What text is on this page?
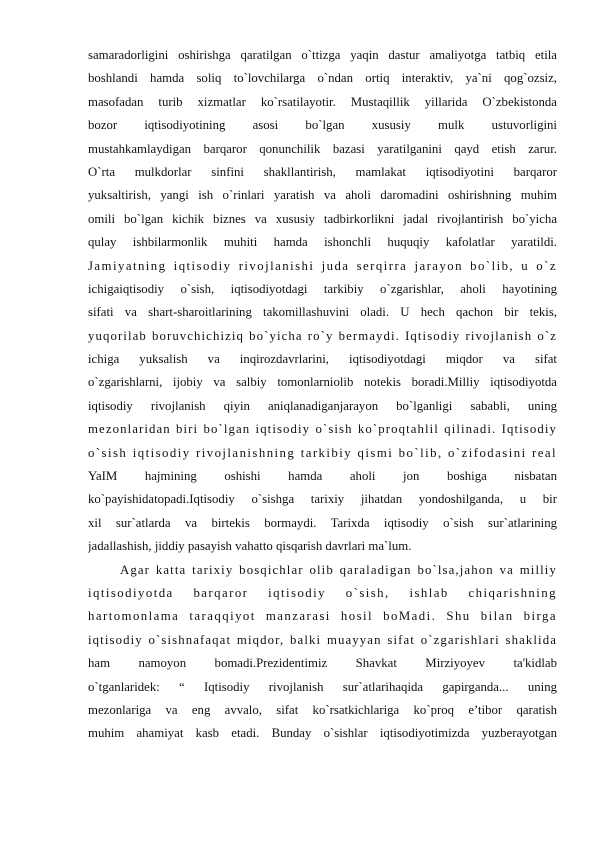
samaradorligini oshirishga qaratilgan o`ttizga yaqin dastur amaliyotga tatbiq etila
boshlandi hamda soliq to`lovchilarga o`ndan ortiq interaktiv, ya`ni qog`ozsiz,
masofadan turib xizmatlar ko`rsatilayotir. Mustaqillik yillarida O`zbekistonda
bozor iqtisodiyotining asosi bo`lgan xususiy mulk ustuvorligini
mustahkamlaydigan barqaror qonunchilik bazasi yaratilganini qayd etish zarur.
O`rta mulkdorlar sinfini shakllantirish, mamlakat iqtisodiyotini barqaror
yuksaltirish, yangi ish o`rinlari yaratish va aholi daromadini oshirishning muhim
omili bo`lgan kichik biznes va xususiy tadbirkorlikni jadal rivojlantirish bo`yicha
qulay ishbilarmonlik muhiti hamda ishonchli huquqiy kafolatlar yaratildi.
Jamiyatning iqtisodiy rivojlanishi juda serqirra jarayon bo`lib, u o`z
ichigaiqtisodiy o`sish, iqtisodiyotdagi tarkibiy o`zgarishlar, aholi hayotining
sifati va shart-sharoitlarining takomillashuvini oladi. U hech qachon bir tekis,
yuqorilab boruvchichiziq bo`yicha ro`y bermaydi. Iqtisodiy rivojlanish o`z
ichiga yuksalish va inqirozdavrlarini, iqtisodiyotdagi miqdor va sifat
o`zgarishlarni, ijobiy va salbiy tomonlarniolib notekis boradi.Milliy iqtisodiyotda
iqtisodiy rivojlanish qiyin aniqlanadiganjarayon bo`lganligi sababli, uning
mezonlaridan biri bo`lgan iqtisodiy o`sish ko`proqtahlil qilinadi. Iqtisodiy
o`sish iqtisodiy rivojlanishning tarkibiy qismi bo`lib, o`zifodasini real
YaIM hajmining oshishi hamda aholi jon boshiga nisbatan
ko`payishidatopadi.Iqtisodiy o`sishga tarixiy jihatdan yondoshilganda, u bir
xil sur`atlarda va birtekis bormaydi. Tarixda iqtisodiy o`sish sur`atlarining
jadallashish, jiddiy pasayish vahatto qisqarish davrlari ma`lum.
Agar katta tarixiy bosqichlar olib qaraladigan bo`lsa,jahon va milliy
iqtisodiyotda barqaror iqtisodiy o`sish, ishlab chiqarishning
hartomonlama taraqqiyot manzarasi hosil boMadi. Shu bilan birga
iqtisodiy o`sishnafaqat miqdor, balki muayyan sifat o`zgarishlari shaklida
ham namoyon bomadi.Prezidentimiz Shavkat Mirziyoyev ta'kidlab
o`tganlaridek: “ Iqtisodiy rivojlanish sur`atlarihaqida gapirganda... uning
mezonlariga va eng avvalo, sifat ko`rsatkichlariga ko`proq e’tibor qaratish
muhim ahamiyat kasb etadi. Bunday o`sishlar iqtisodiyotimizda yuzberayotgan
